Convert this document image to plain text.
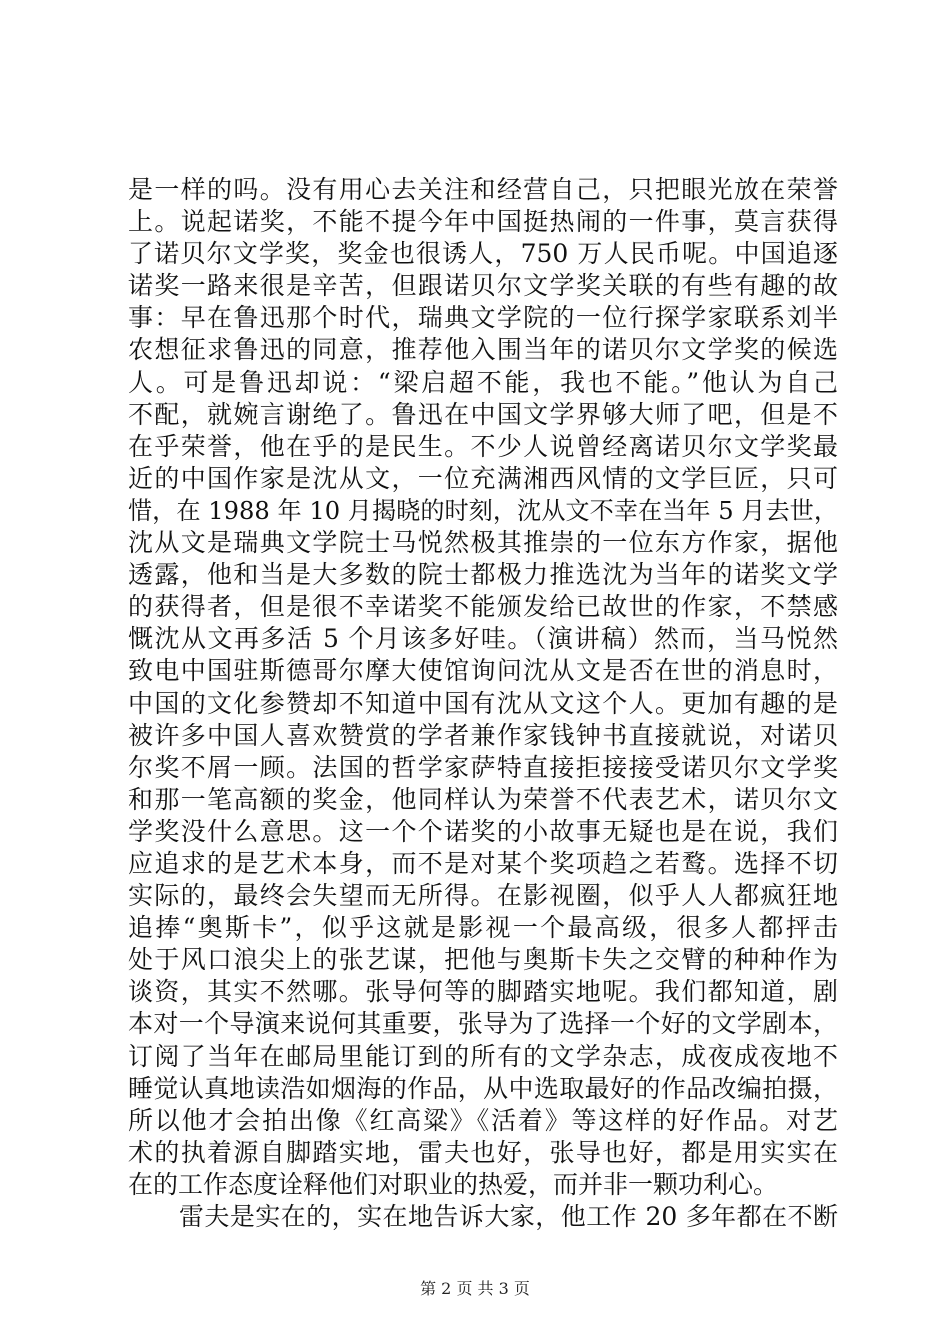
是一样的吗。没有用心去关注和经营自己，只把眼光放在荣誉
上。说起诺奖，不能不提今年中国挺热闹的一件事，莫言获得
了诺贝尔文学奖，奖金也很诱人，750 万人民币呢。中国追逐
诺奖一路来很是辛苦，但跟诺贝尔文学奖关联的有些有趣的故
事：早在鲁迅那个时代，瑞典文学院的一位行探学家联系刘半
农想征求鲁迅的同意，推荐他入围当年的诺贝尔文学奖的候选
人。可是鲁迅却说：“梁启超不能，我也不能。”他认为自己
不配，就婉言谢绝了。鲁迅在中国文学界够大师了吧，但是不
在乎荣誉，他在乎的是民生。不少人说曾经离诺贝尔文学奖最
近的中国作家是沈从文，一位充满湘西风情的文学巨匠，只可
惜，在 1988 年 10 月揭晓的时刻，沈从文不幸在当年 5 月去世，
沈从文是瑞典文学院士马悦然极其推崇的一位东方作家，据他
透露，他和当是大多数的院士都极力推选沈为当年的诺奖文学
的获得者，但是很不幸诺奖不能颁发给已故世的作家，不禁感
慨沈从文再多活 5 个月该多好哇。（演讲稿）然而，当马悦然
致电中国驻斯德哥尔摩大使馆询问沈从文是否在世的消息时，
中国的文化参赞却不知道中国有沈从文这个人。更加有趣的是
被许多中国人喜欢赞赏的学者兼作家钱钟书直接就说，对诺贝
尔奖不屑一顾。法国的哲学家萨特直接拒接接受诺贝尔文学奖
和那一笔高额的奖金，他同样认为荣誉不代表艺术，诺贝尔文
学奖没什么意思。这一个个诺奖的小故事无疑也是在说，我们
应追求的是艺术本身，而不是对某个奖项趋之若鹜。选择不切
实际的，最终会失望而无所得。在影视圈，似乎人人都疯狂地
追捧“奥斯卡”，似乎这就是影视一个最高级，很多人都抨击
处于风口浪尖上的张艺谋，把他与奥斯卡失之交臂的种种作为
谈资，其实不然哪。张导何等的脚踏实地呢。我们都知道，剧
本对一个导演来说何其重要，张导为了选择一个好的文学剧本，
订阅了当年在邮局里能订到的所有的文学杂志，成夜成夜地不
睡觉认真地读浩如烟海的作品，从中选取最好的作品改编拍摄，
所以他才会拍出像《红高粱》《活着》等这样的好作品。对艺
术的执着源自脚踏实地，雷夫也好，张导也好，都是用实实在
在的工作态度诠释他们对职业的热爱，而并非一颗功利心。
　　雷夫是实在的，实在地告诉大家，他工作 20 多年都在不断
第 2 页 共 3 页
